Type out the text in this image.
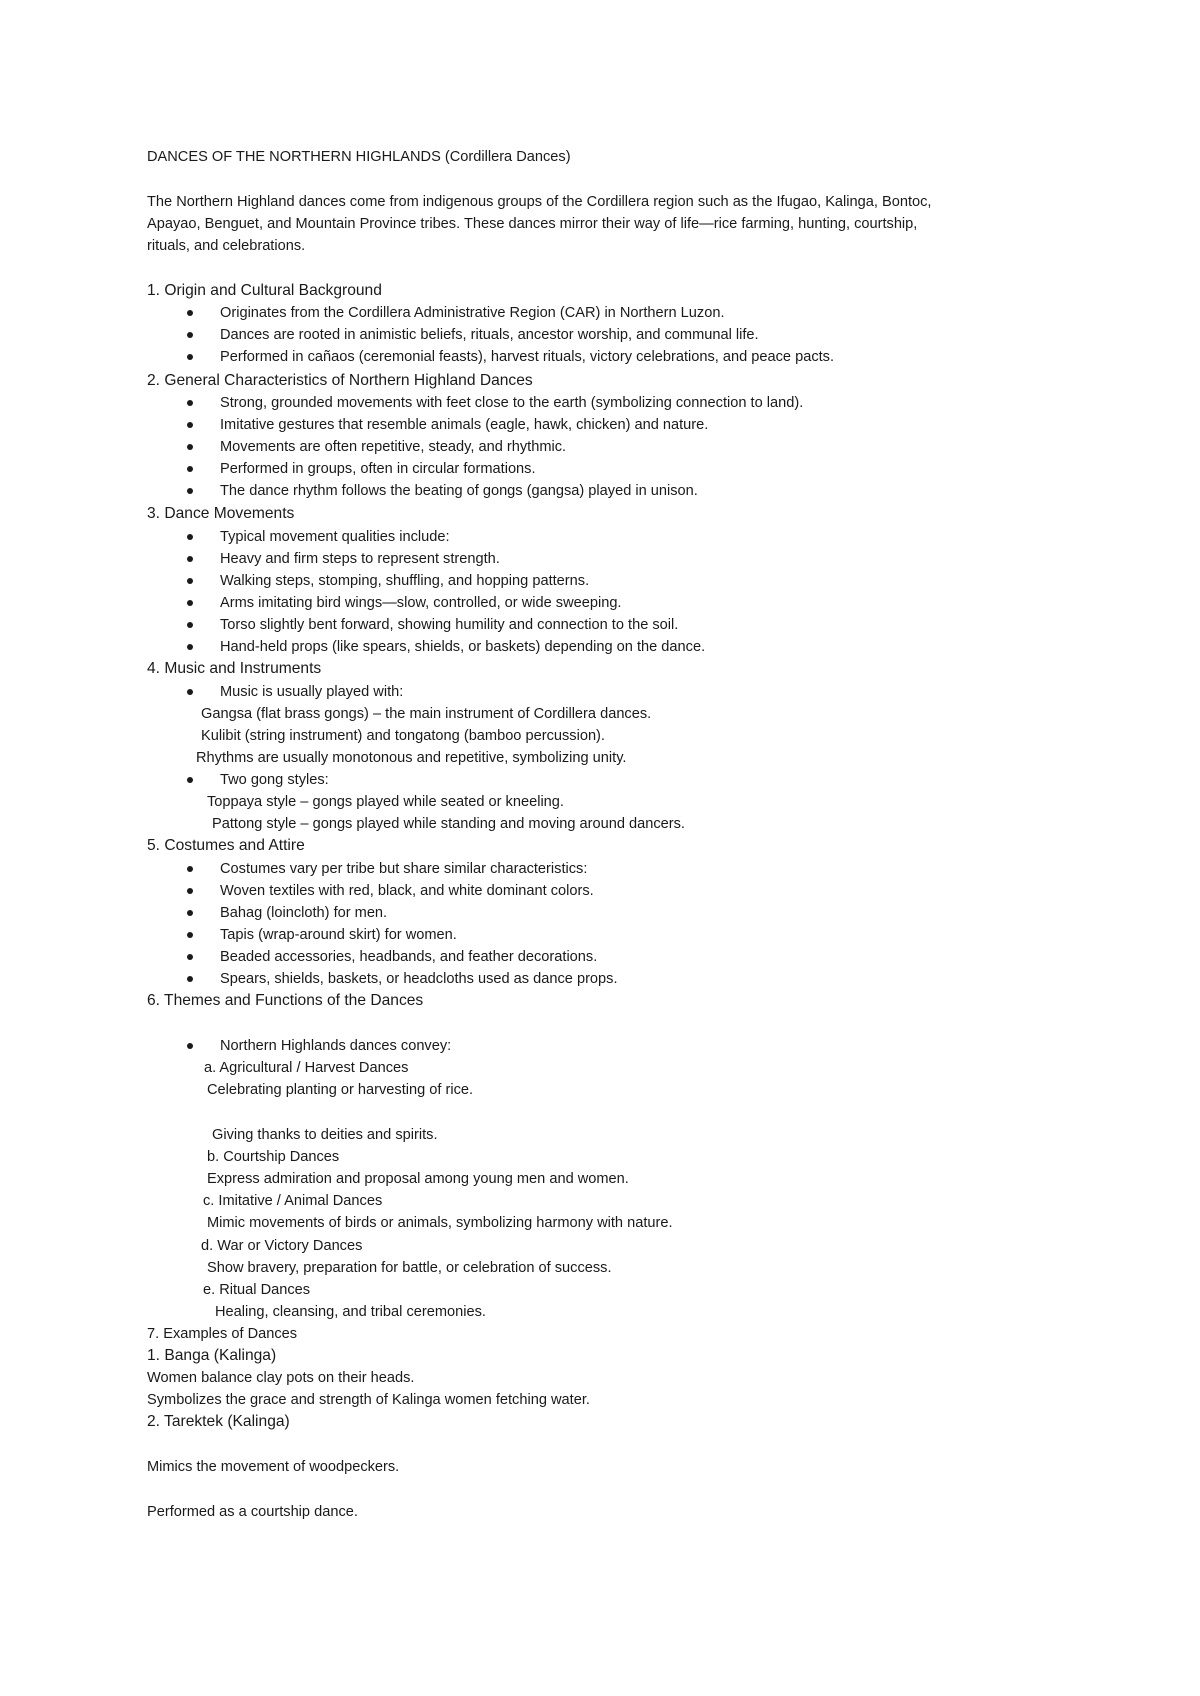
DANCES OF THE NORTHERN HIGHLANDS (Cordillera Dances)
The Northern Highland dances come from indigenous groups of the Cordillera region such as the Ifugao, Kalinga, Bontoc,
Apayao, Benguet, and Mountain Province tribes. These dances mirror their way of life—rice farming, hunting, courtship,
rituals, and celebrations.
1. Origin and Cultural Background
Originates from the Cordillera Administrative Region (CAR) in Northern Luzon.
Dances are rooted in animistic beliefs, rituals, ancestor worship, and communal life.
Performed in cañaos (ceremonial feasts), harvest rituals, victory celebrations, and peace pacts.
2. General Characteristics of Northern Highland Dances
Strong, grounded movements with feet close to the earth (symbolizing connection to land).
Imitative gestures that resemble animals (eagle, hawk, chicken) and nature.
Movements are often repetitive, steady, and rhythmic.
Performed in groups, often in circular formations.
The dance rhythm follows the beating of gongs (gangsa) played in unison.
3. Dance Movements
Typical movement qualities include:
Heavy and firm steps to represent strength.
Walking steps, stomping, shuffling, and hopping patterns.
Arms imitating bird wings—slow, controlled, or wide sweeping.
Torso slightly bent forward, showing humility and connection to the soil.
Hand-held props (like spears, shields, or baskets) depending on the dance.
4. Music and Instruments
Music is usually played with:
Gangsa (flat brass gongs) – the main instrument of Cordillera dances.
Kulibit (string instrument) and tongatong (bamboo percussion).
Rhythms are usually monotonous and repetitive, symbolizing unity.
Two gong styles:
Toppaya style – gongs played while seated or kneeling.
Pattong style – gongs played while standing and moving around dancers.
5. Costumes and Attire
Costumes vary per tribe but share similar characteristics:
Woven textiles with red, black, and white dominant colors.
Bahag (loincloth) for men.
Tapis (wrap-around skirt) for women.
Beaded accessories, headbands, and feather decorations.
Spears, shields, baskets, or headcloths used as dance props.
6. Themes and Functions of the Dances
Northern Highlands dances convey:
a. Agricultural / Harvest Dances
Celebrating planting or harvesting of rice.
Giving thanks to deities and spirits.
b. Courtship Dances
Express admiration and proposal among young men and women.
c. Imitative / Animal Dances
Mimic movements of birds or animals, symbolizing harmony with nature.
d. War or Victory Dances
Show bravery, preparation for battle, or celebration of success.
e. Ritual Dances
Healing, cleansing, and tribal ceremonies.
7. Examples of Dances
1. Banga (Kalinga)
Women balance clay pots on their heads.
Symbolizes the grace and strength of Kalinga women fetching water.
2. Tarektek (Kalinga)
Mimics the movement of woodpeckers.
Performed as a courtship dance.
